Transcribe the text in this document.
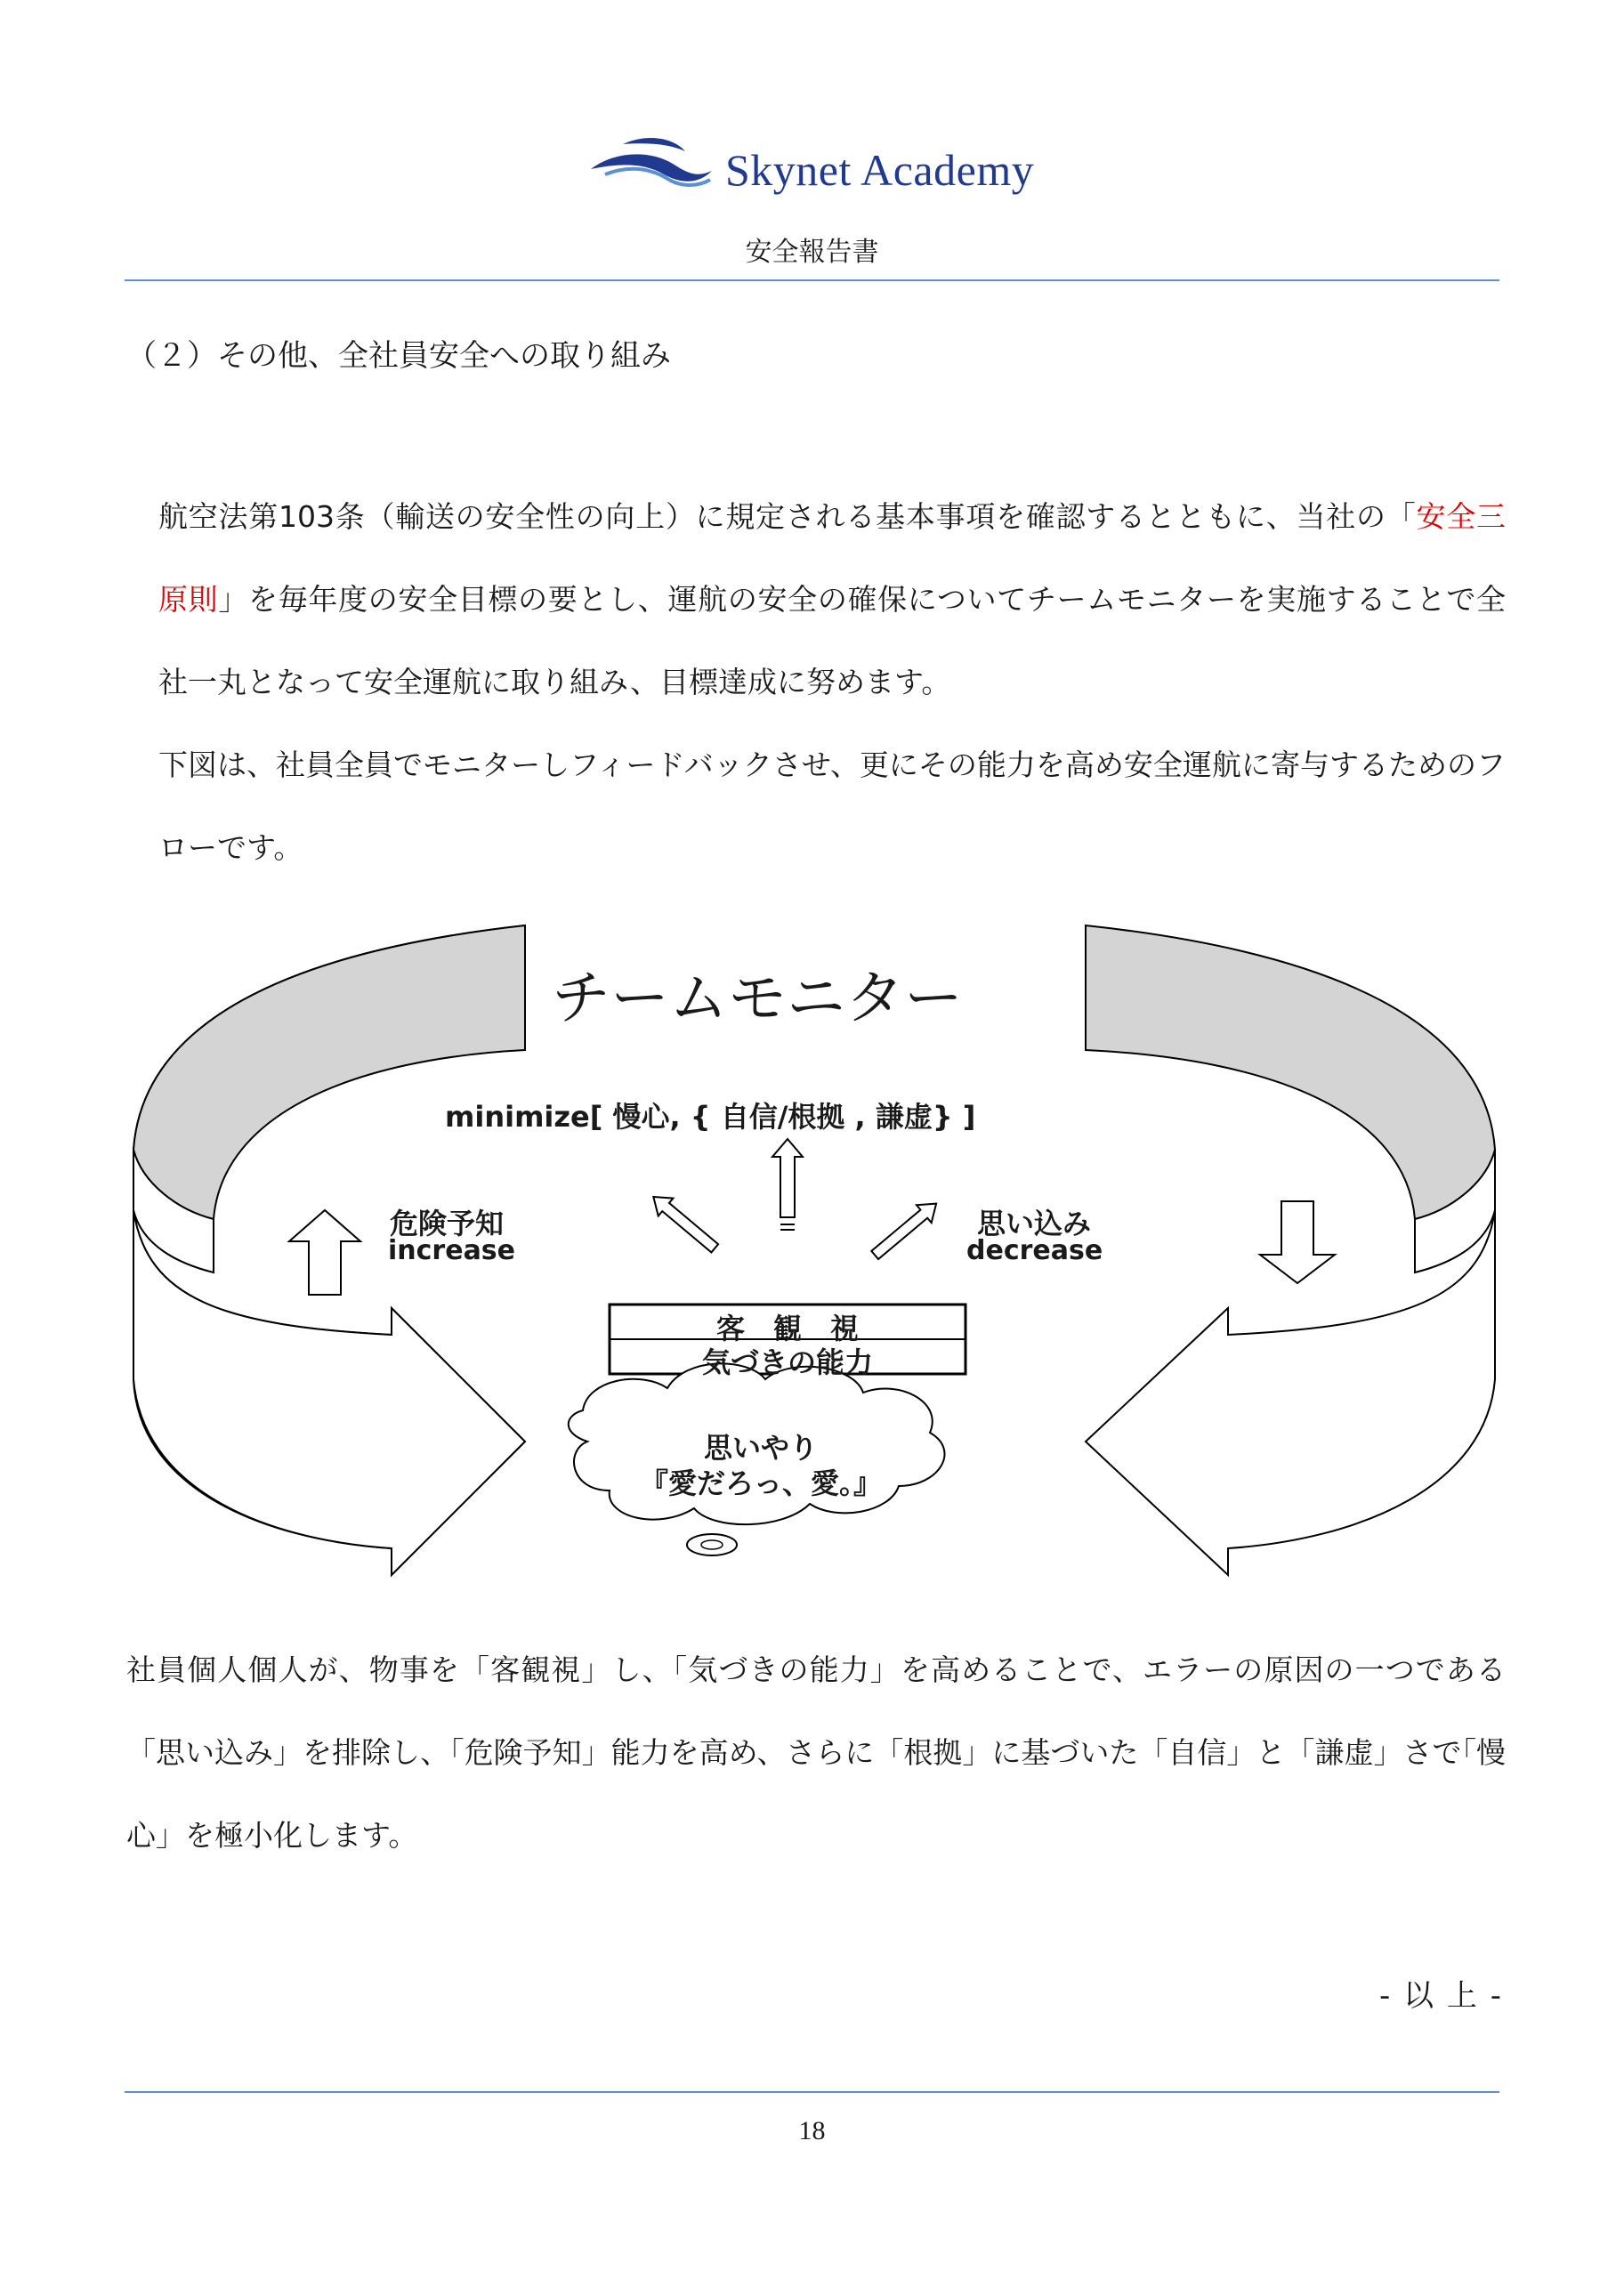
Skynet Academy
安全報告書
（２）その他、全社員安全への取り組み

航空法第103条（輸送の安全性の向上）に規定される基本事項を確認するとともに、当社の「安全三原則」を毎年度の安全目標の要とし、運航の安全の確保についてチームモニターを実施することで全社一丸となって安全運航に取り組み、目標達成に努めます。

下図は、社員全員でモニターしフィードバックさせ、更にその能力を高め安全運航に寄与するためのフローです。

チームモニター
minimize[ 慢心, { 自信/根拠 , 謙虚} ]
危険予知
increase
思い込み
decrease
客　観　視
気づきの能力
思いやり
『愛だろっ、愛。』

社員個人個人が、物事を「客観視」し、「気づきの能力」を高めることで、エラーの原因の一つである「思い込み」を排除し、「危険予知」能力を高め、さらに「根拠」に基づいた「自信」と「謙虚」さで｢慢心」を極小化します。

- 以 上 -
18
